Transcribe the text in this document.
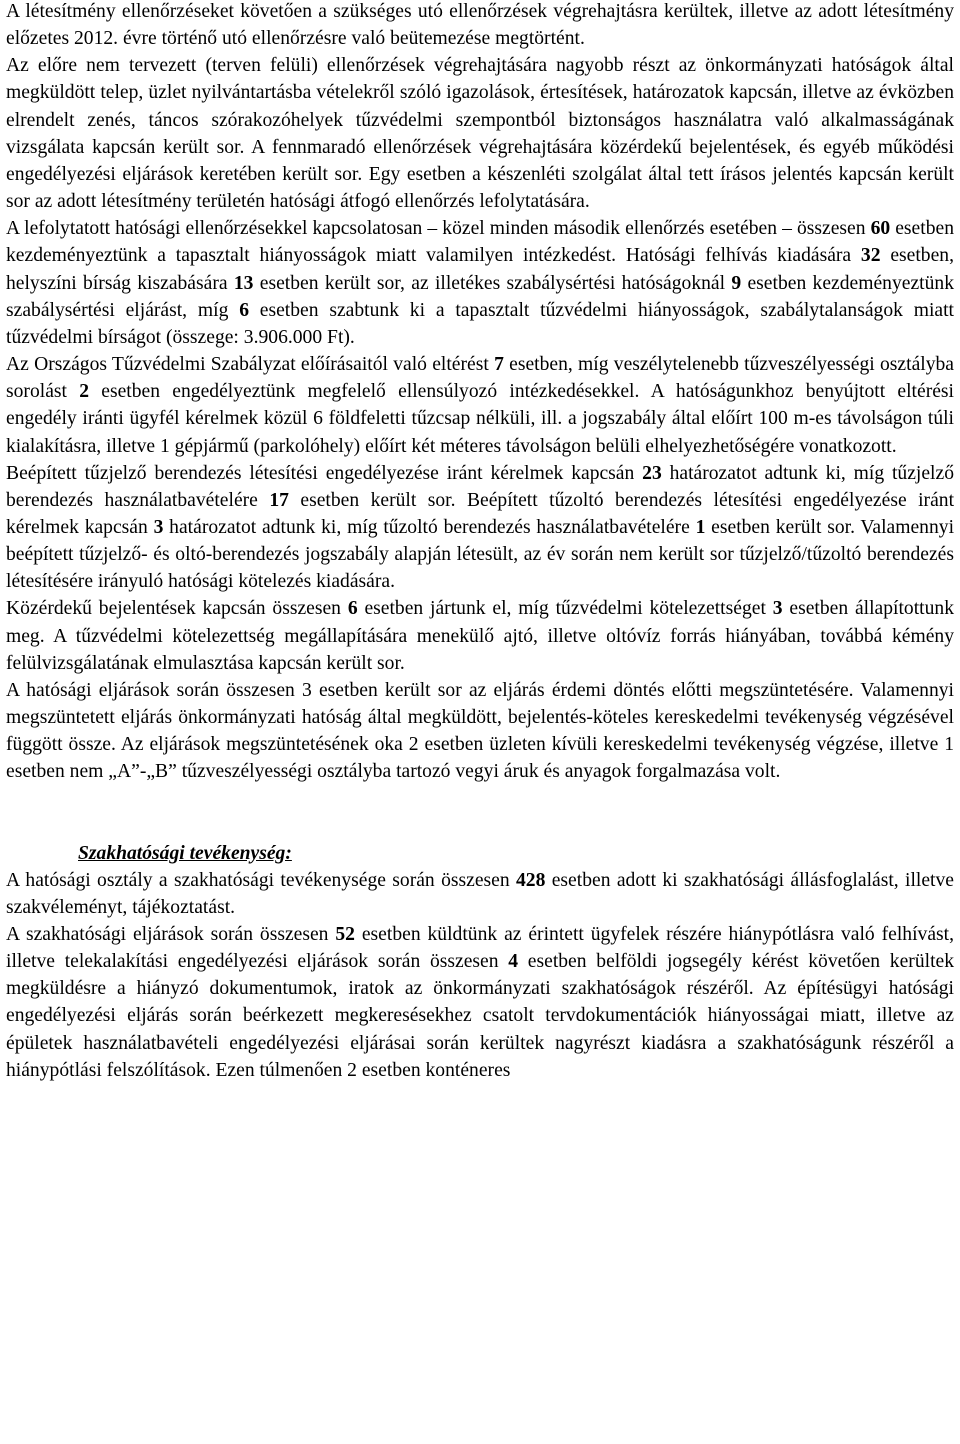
A létesítmény ellenőrzéseket követően a szükséges utó ellenőrzések végrehajtásra kerültek, illetve az adott létesítmény előzetes 2012. évre történő utó ellenőrzésre való beütemezése megtörtént.

Az előre nem tervezett (terven felüli) ellenőrzések végrehajtására nagyobb részt az önkormányzati hatóságok által megküldött telep, üzlet nyilvántartásba vételekről szóló igazolások, értesítések, határozatok kapcsán, illetve az évközben elrendelt zenés, táncos szórakozóhelyek tűzvédelmi szempontból biztonságos használatra való alkalmasságának vizsgálata kapcsán került sor. A fennmaradó ellenőrzések végrehajtására közérdekű bejelentések, és egyéb működési engedélyezési eljárások keretében került sor. Egy esetben a készenléti szolgálat által tett írásos jelentés kapcsán került sor az adott létesítmény területén hatósági átfogó ellenőrzés lefolytatására.

A lefolytatott hatósági ellenőrzésekkel kapcsolatosan – közel minden második ellenőrzés esetében – összesen 60 esetben kezdeményeztünk a tapasztalt hiányosságok miatt valamilyen intézkedést. Hatósági felhívás kiadására 32 esetben, helyszíni bírság kiszabására 13 esetben került sor, az illetékes szabálysértési hatóságoknál 9 esetben kezdeményeztünk szabálysértési eljárást, míg 6 esetben szabtunk ki a tapasztalt tűzvédelmi hiányosságok, szabálytalanságok miatt tűzvédelmi bírságot (összege: 3.906.000 Ft).

Az Országos Tűzvédelmi Szabályzat előírásaitól való eltérést 7 esetben, míg veszélytelenebb tűzveszélyességi osztályba sorolást 2 esetben engedélyeztünk megfelelő ellensúlyozó intézkedésekkel. A hatóságunkhoz benyújtott eltérési engedély iránti ügyfél kérelmek közül 6 földfeletti tűzcsap nélküli, ill. a jogszabály által előírt 100 m-es távolságon túli kialakításra, illetve 1 gépjármű (parkolóhely) előírt két méteres távolságon belüli elhelyezhetőségére vonatkozott.

Beépített tűzjelző berendezés létesítési engedélyezése iránt kérelmek kapcsán 23 határozatot adtunk ki, míg tűzjelző berendezés használatbavételére 17 esetben került sor. Beépített tűzoltó berendezés létesítési engedélyezése iránt kérelmek kapcsán 3 határozatot adtunk ki, míg tűzoltó berendezés használatbavételére 1 esetben került sor. Valamennyi beépített tűzjelző- és oltó-berendezés jogszabály alapján létesült, az év során nem került sor tűzjelző/tűzoltó berendezés létesítésére irányuló hatósági kötelezés kiadására.

Közérdekű bejelentések kapcsán összesen 6 esetben jártunk el, míg tűzvédelmi kötelezettséget 3 esetben állapítottunk meg. A tűzvédelmi kötelezettség megállapítására menekülő ajtó, illetve oltóvíz forrás hiányában, továbbá kémény felülvizsgálatának elmulasztása kapcsán került sor.

A hatósági eljárások során összesen 3 esetben került sor az eljárás érdemi döntés előtti megszüntetésére. Valamennyi megszüntetett eljárás önkormányzati hatóság által megküldött, bejelentés-köteles kereskedelmi tevékenység végzésével függött össze. Az eljárások megszüntetésének oka 2 esetben üzleten kívüli kereskedelmi tevékenység végzése, illetve 1 esetben nem „A”-„B” tűzveszélyességi osztályba tartozó vegyi áruk és anyagok forgalmazása volt.

Szakhatósági tevékenység:

A hatósági osztály a szakhatósági tevékenysége során összesen 428 esetben adott ki szakhatósági állásfoglalást, illetve szakvéleményt, tájékoztatást.

A szakhatósági eljárások során összesen 52 esetben küldtünk az érintett ügyfelek részére hiánypótlásra való felhívást, illetve telekalakítási engedélyezési eljárások során összesen 4 esetben belföldi jogsegély kérést követően kerültek megküldésre a hiányzó dokumentumok, iratok az önkormányzati szakhatóságok részéről. Az építésügyi hatósági engedélyezési eljárás során beérkezett megkeresésekhez csatolt tervdokumentációk hiányosságai miatt, illetve az épületek használatbavételi engedélyezési eljárásai során kerültek nagyrészt kiadásra a szakhatóságunk részéről a hiánypótlási felszólítások. Ezen túlmenően 2 esetben konténeres
